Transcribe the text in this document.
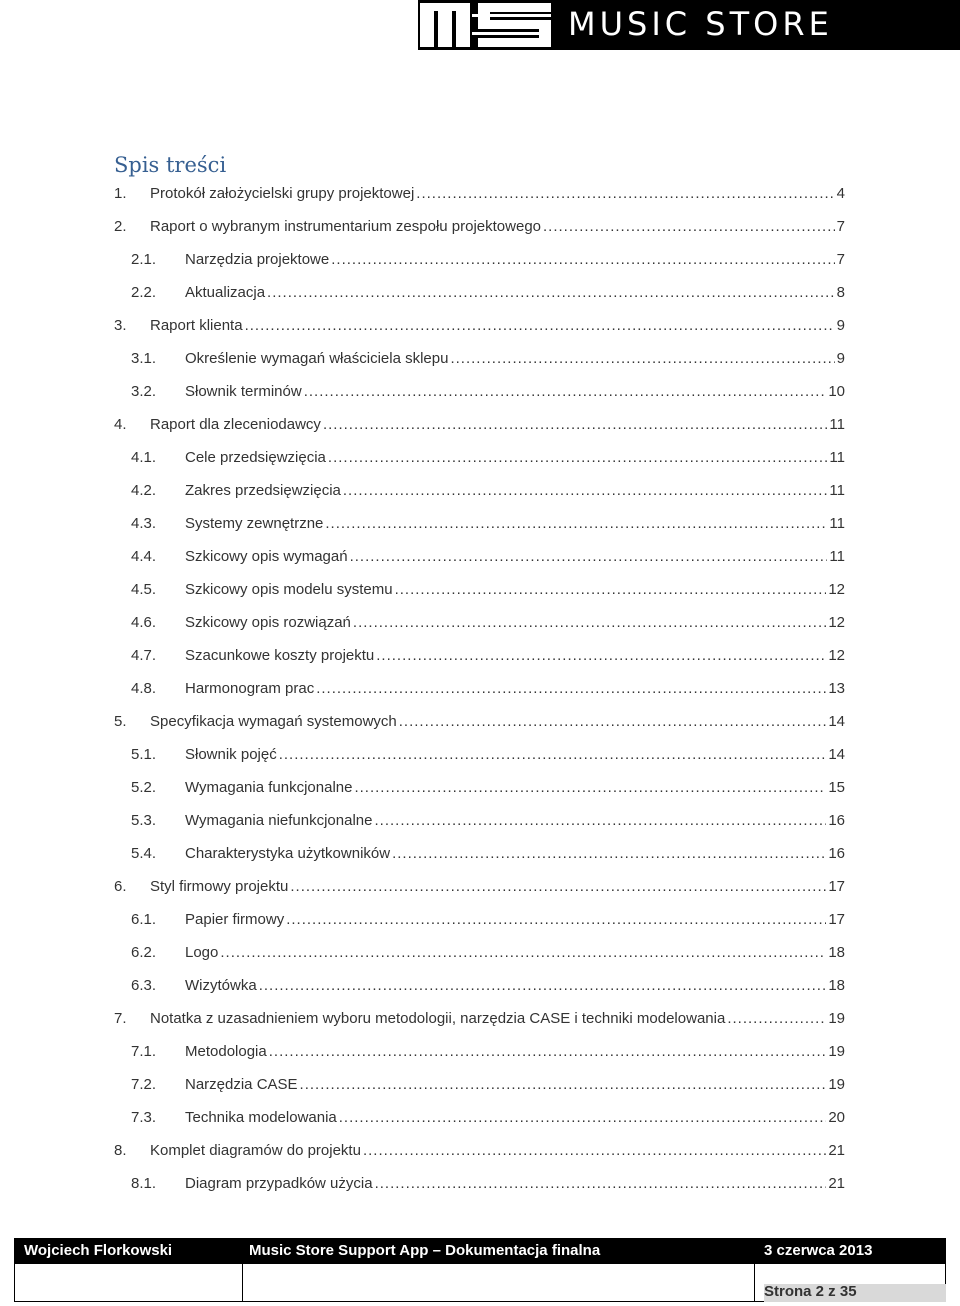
MUSIC STORE
Spis treści
1.	Protokół założycielski grupy projektowej .....	4
2.	Raport o wybranym instrumentarium zespołu projektowego .....	7
2.1.	Narzędzia projektowe .....	7
2.2.	Aktualizacja .....	8
3.	Raport klienta .....	9
3.1.	Określenie wymagań właściciela sklepu .....	9
3.2.	Słownik terminów .....	10
4.	Raport dla zleceniodawcy .....	11
4.1.	Cele przedsięwzięcia .....	11
4.2.	Zakres przedsięwzięcia .....	11
4.3.	Systemy zewnętrzne .....	11
4.4.	Szkicowy opis wymagań .....	11
4.5.	Szkicowy opis modelu systemu .....	12
4.6.	Szkicowy opis rozwiązań .....	12
4.7.	Szacunkowe koszty projektu .....	12
4.8.	Harmonogram prac .....	13
5.	Specyfikacja wymagań systemowych .....	14
5.1.	Słownik pojęć .....	14
5.2.	Wymagania funkcjonalne .....	15
5.3.	Wymagania niefunkcjonalne .....	16
5.4.	Charakterystyka użytkowników .....	16
6.	Styl firmowy projektu .....	17
6.1.	Papier firmowy .....	17
6.2.	Logo .....	18
6.3.	Wizytówka .....	18
7.	Notatka z uzasadnieniem wyboru metodologii, narzędzia CASE i techniki modelowania .....	19
7.1.	Metodologia .....	19
7.2.	Narzędzia CASE .....	19
7.3.	Technika modelowania .....	20
8.	Komplet diagramów do projektu .....	21
8.1.	Diagram przypadków użycia .....	21
Wojciech Florkowski	Music Store Support App – Dokumentacja finalna	3 czerwca 2013
Strona 2 z 35
